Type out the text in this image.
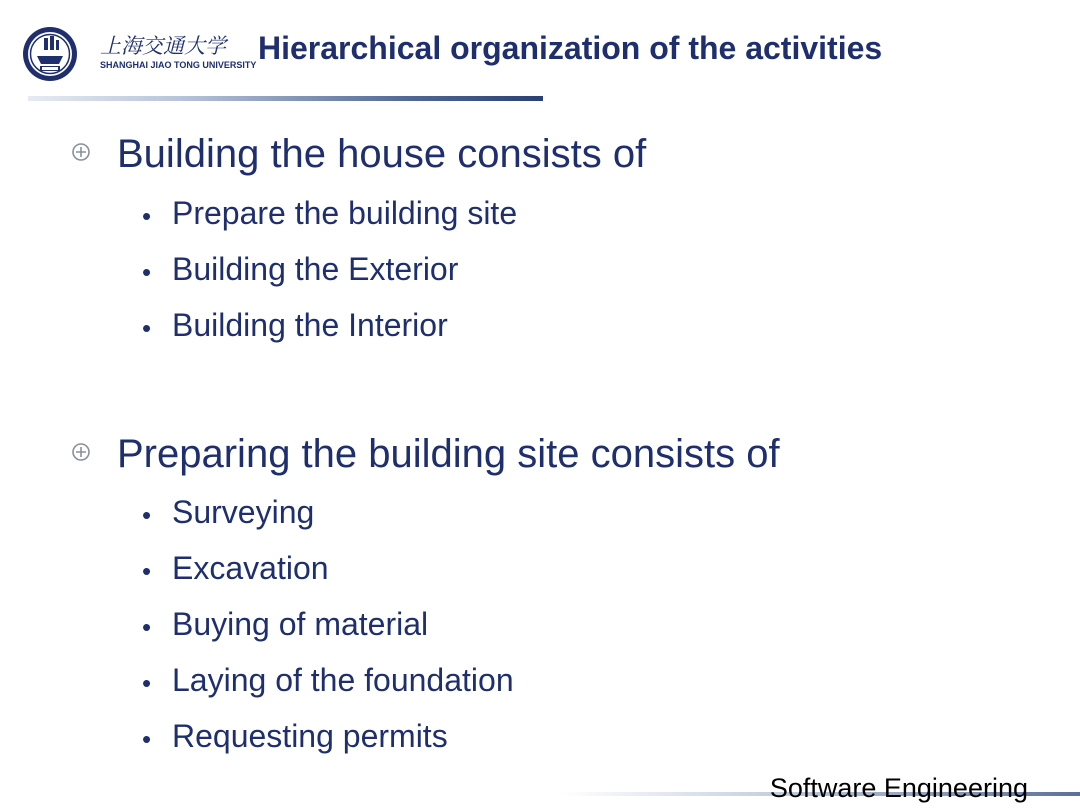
上海交通大学
SHANGHAI JIAO TONG UNIVERSITY Hierarchical organization of the activities
Building the house consists of
• Prepare the building site
• Building the Exterior
• Building the Interior
Preparing the building site consists of
• Surveying
• Excavation
• Buying of material
• Laying of the foundation
• Requesting permits
Software Engineering
